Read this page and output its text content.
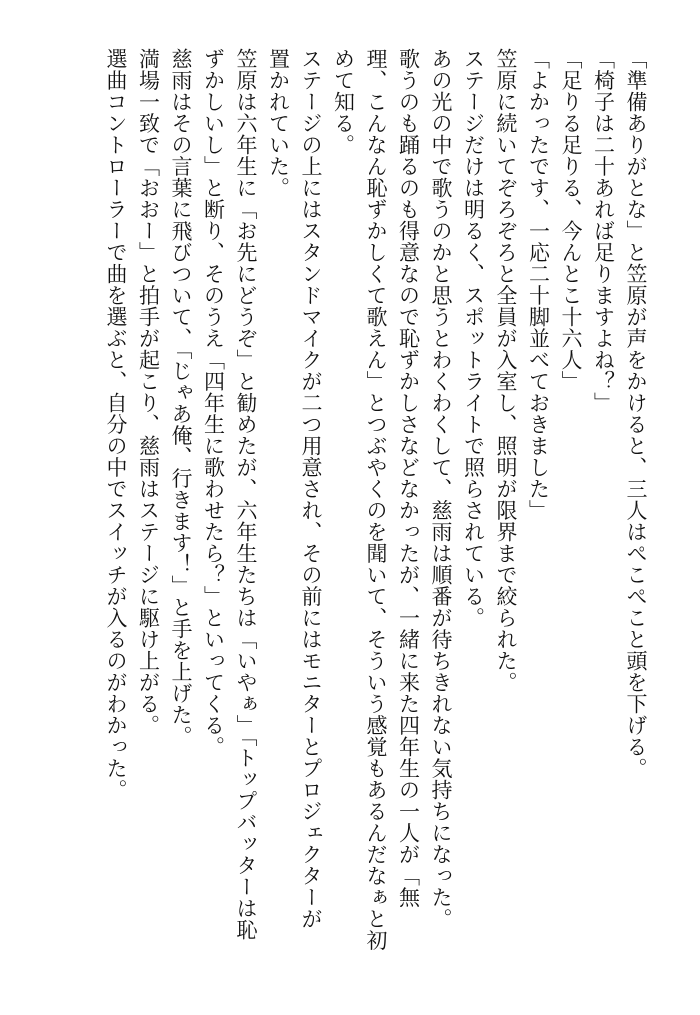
「準備ありがとな」と笠原が声をかけると、三人はぺこぺこと頭を下げる。
「椅子は二十あれば足りますよね？」
「足りる足りる、今んとこ十六人」
「よかったです、一応二十脚並べておきました」
笠原に続いてぞろぞろと全員が入室し、照明が限界まで絞られた。
ステージだけは明るく、スポットライトで照らされている。
あの光の中で歌うのかと思うとわくわくして、慈雨は順番が待ちきれない気持ちになった。
歌うのも踊るのも得意なので恥ずかしさなどなかったが、一緒に来た四年生の一人が「無
理、こんなん恥ずかしくて歌えん」とつぶやくのを聞いて、そういう感覚もあるんだなぁと初
めて知る。
ステージの上にはスタンドマイクが二つ用意され、その前にはモニターとプロジェクターが
置かれていた。
笠原は六年生に「お先にどうぞ」と勧めたが、六年生たちは「いやぁ」「トップバッターは恥
ずかしいし」と断り、そのうえ「四年生に歌わせたら？」といってくる。
慈雨はその言葉に飛びついて、「じゃあ俺、行きます！」と手を上げた。
満場一致で「おおー」と拍手が起こり、慈雨はステージに駆け上がる。
選曲コントローラーで曲を選ぶと、自分の中でスイッチが入るのがわかった。
